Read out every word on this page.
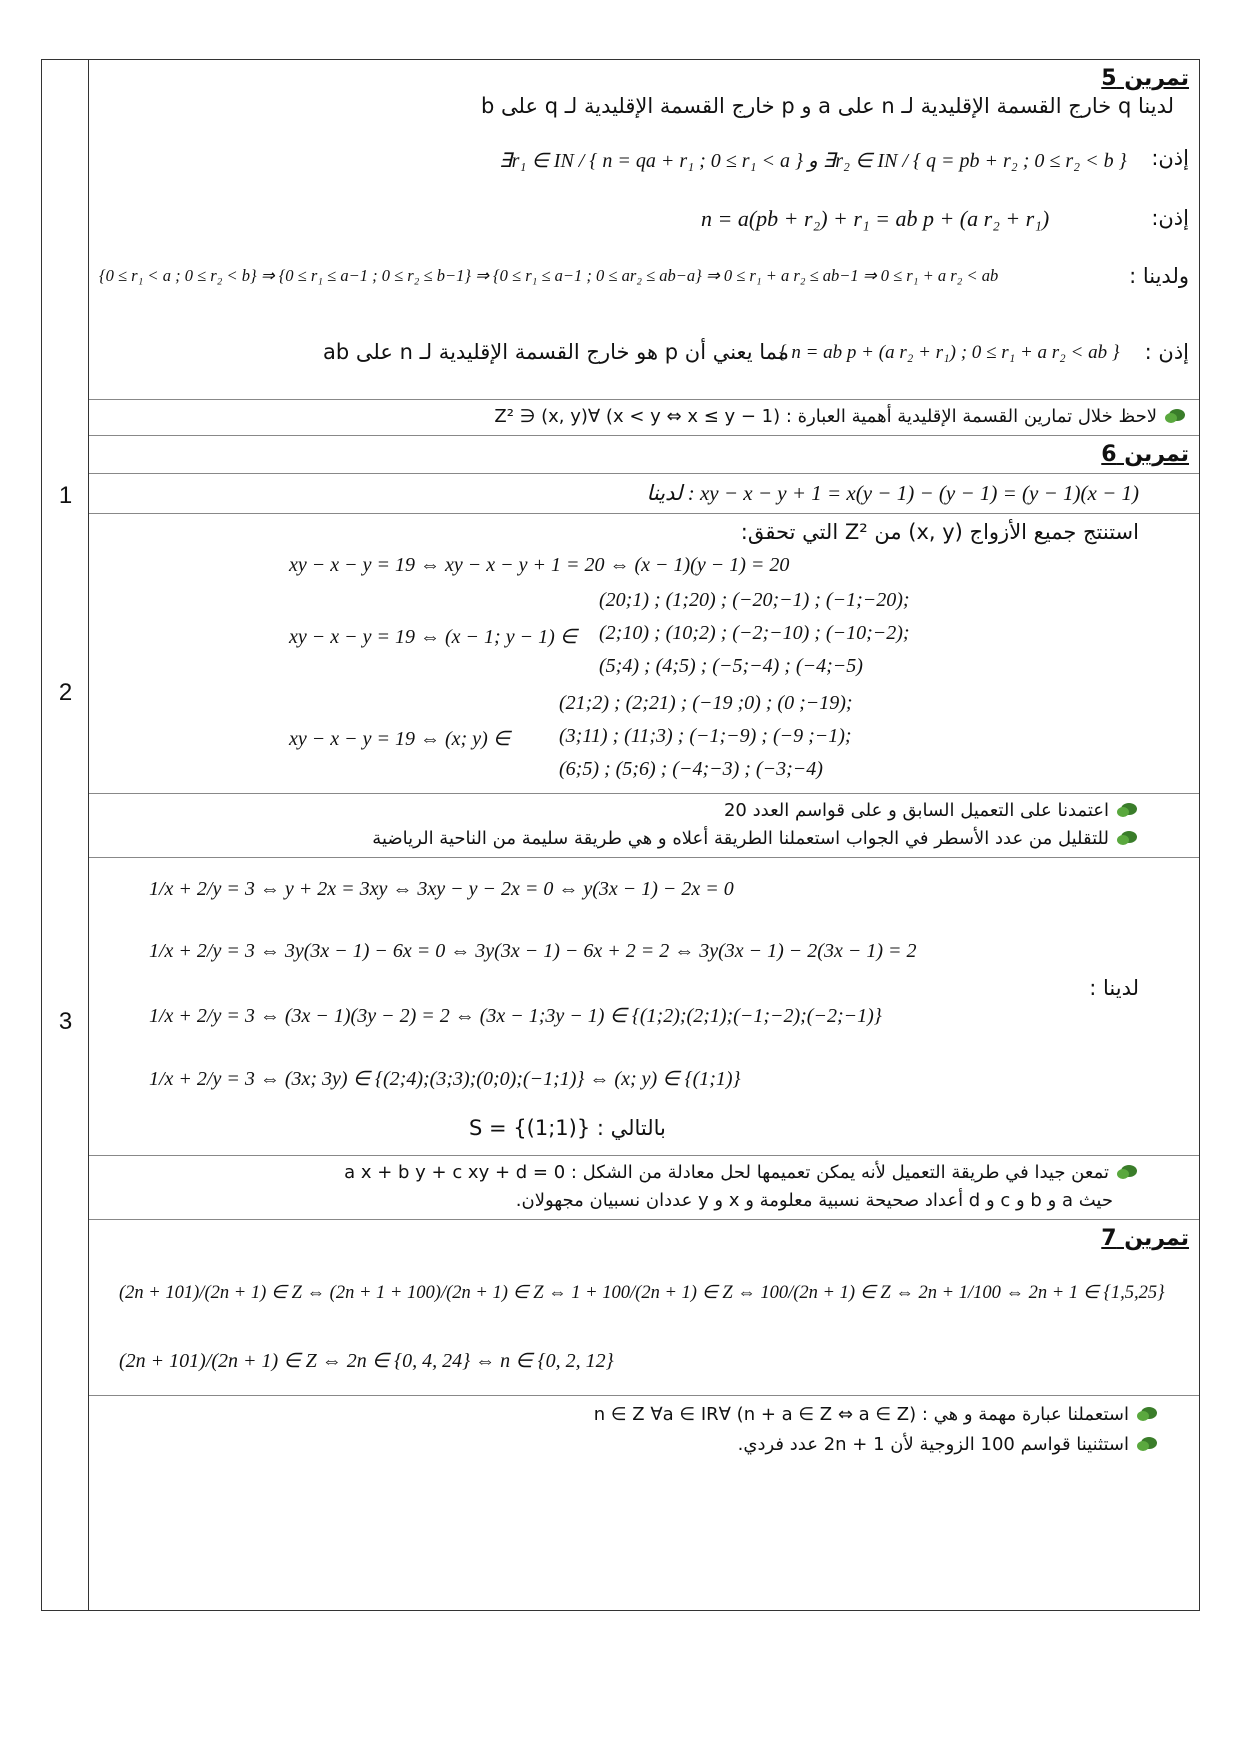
تمرين 5
لدينا q خارج القسمة الإقليدية لـ n على a و p خارج القسمة الإقليدية لـ q على b
إذن:
∃r₁ ∈ IN / { n = qa + r₁ ; 0 ≤ r₁ < a } و ∃r₂ ∈ IN / { q = pb + r₂ ; 0 ≤ r₂ < b }
إذن:
n = a(pb + r₂) + r₁ = ab p + (a r₂ + r₁)
ولدينا :
{0 ≤ r₁ < a ; 0 ≤ r₂ < b} ⇒ {0 ≤ r₁ ≤ a−1 ; 0 ≤ r₂ ≤ b−1} ⇒ {0 ≤ r₁ ≤ a−1 ; 0 ≤ ar₂ ≤ ab−a} ⇒ 0 ≤ r₁ + a r₂ ≤ ab−1 ⇒ 0 ≤ r₁ + a r₂ < ab
إذن :
{ n = ab p + (a r₂ + r₁) ; 0 ≤ r₁ + a r₂ < ab }
مما يعني أن p هو خارج القسمة الإقليدية لـ n على ab
لاحظ خلال تمارين القسمة الإقليدية أهمية العبارة : (x < y ⇔ x ≤ y − 1) ∀(x, y) ∈ Z²
تمرين 6
1	لدينا : xy − x − y + 1 = x(y − 1) − (y − 1) = (y − 1)(x − 1)
2
استنتج جميع الأزواج (x, y) من Z² التي تحقق:
xy − x − y = 19 ⇔ xy − x − y + 1 = 20 ⇔ (x − 1)(y − 1) = 20
xy − x − y = 19 ⇔ (x − 1; y − 1) ∈
(20;1) ; (1;20) ; (−20;−1) ; (−1;−20);
(2;10) ; (10;2) ; (−2;−10) ; (−10;−2);
(5;4) ; (4;5) ; (−5;−4) ; (−4;−5)
xy − x − y = 19 ⇔ (x; y) ∈
(21;2) ; (2;21) ; (−19 ;0) ; (0 ;−19);
(3;11) ; (11;3) ; (−1;−9) ; (−9 ;−1);
(6;5) ; (5;6) ; (−4;−3) ; (−3;−4)
اعتمدنا على التعميل السابق و على قواسم العدد 20
للتقليل من عدد الأسطر في الجواب استعملنا الطريقة أعلاه و هي طريقة سليمة من الناحية الرياضية
3
لدينا :
1/x + 2/y = 3 ⇔ y + 2x = 3xy ⇔ 3xy − y − 2x = 0 ⇔ y(3x − 1) − 2x = 0
1/x + 2/y = 3 ⇔ 3y(3x − 1) − 6x = 0 ⇔ 3y(3x − 1) − 6x + 2 = 2 ⇔ 3y(3x − 1) − 2(3x − 1) = 2
1/x + 2/y = 3 ⇔ (3x − 1)(3y − 2) = 2 ⇔ (3x − 1;3y − 1) ∈ {(1;2);(2;1);(−1;−2);(−2;−1)}
1/x + 2/y = 3 ⇔ (3x; 3y) ∈ {(2;4);(3;3);(0;0);(−1;1)} ⇔ (x; y) ∈ {(1;1)}
بالتالي : S = {(1;1)}
تمعن جيدا في طريقة التعميل لأنه يمكن تعميمها لحل معادلة من الشكل : a x + b y + c xy + d = 0
حيث a و b و c و d أعداد صحيحة نسبية معلومة و x و y عددان نسبيان مجهولان.
تمرين 7
(2n + 101)/(2n + 1) ∈ Z ⇔ (2n + 1 + 100)/(2n + 1) ∈ Z ⇔ 1 + 100/(2n + 1) ∈ Z ⇔ 100/(2n + 1) ∈ Z ⇔ 2n + 1/100 ⇔ 2n + 1 ∈ {1,5,25}
(2n + 101)/(2n + 1) ∈ Z ⇔ 2n ∈ {0, 4, 24} ⇔ n ∈ {0, 2, 12}
استعملنا عبارة مهمة و هي : (n + a ∈ Z ⇔ a ∈ Z) ∀n ∈ Z ∀a ∈ IR
استثنينا قواسم 100 الزوجية لأن 2n + 1 عدد فردي.
